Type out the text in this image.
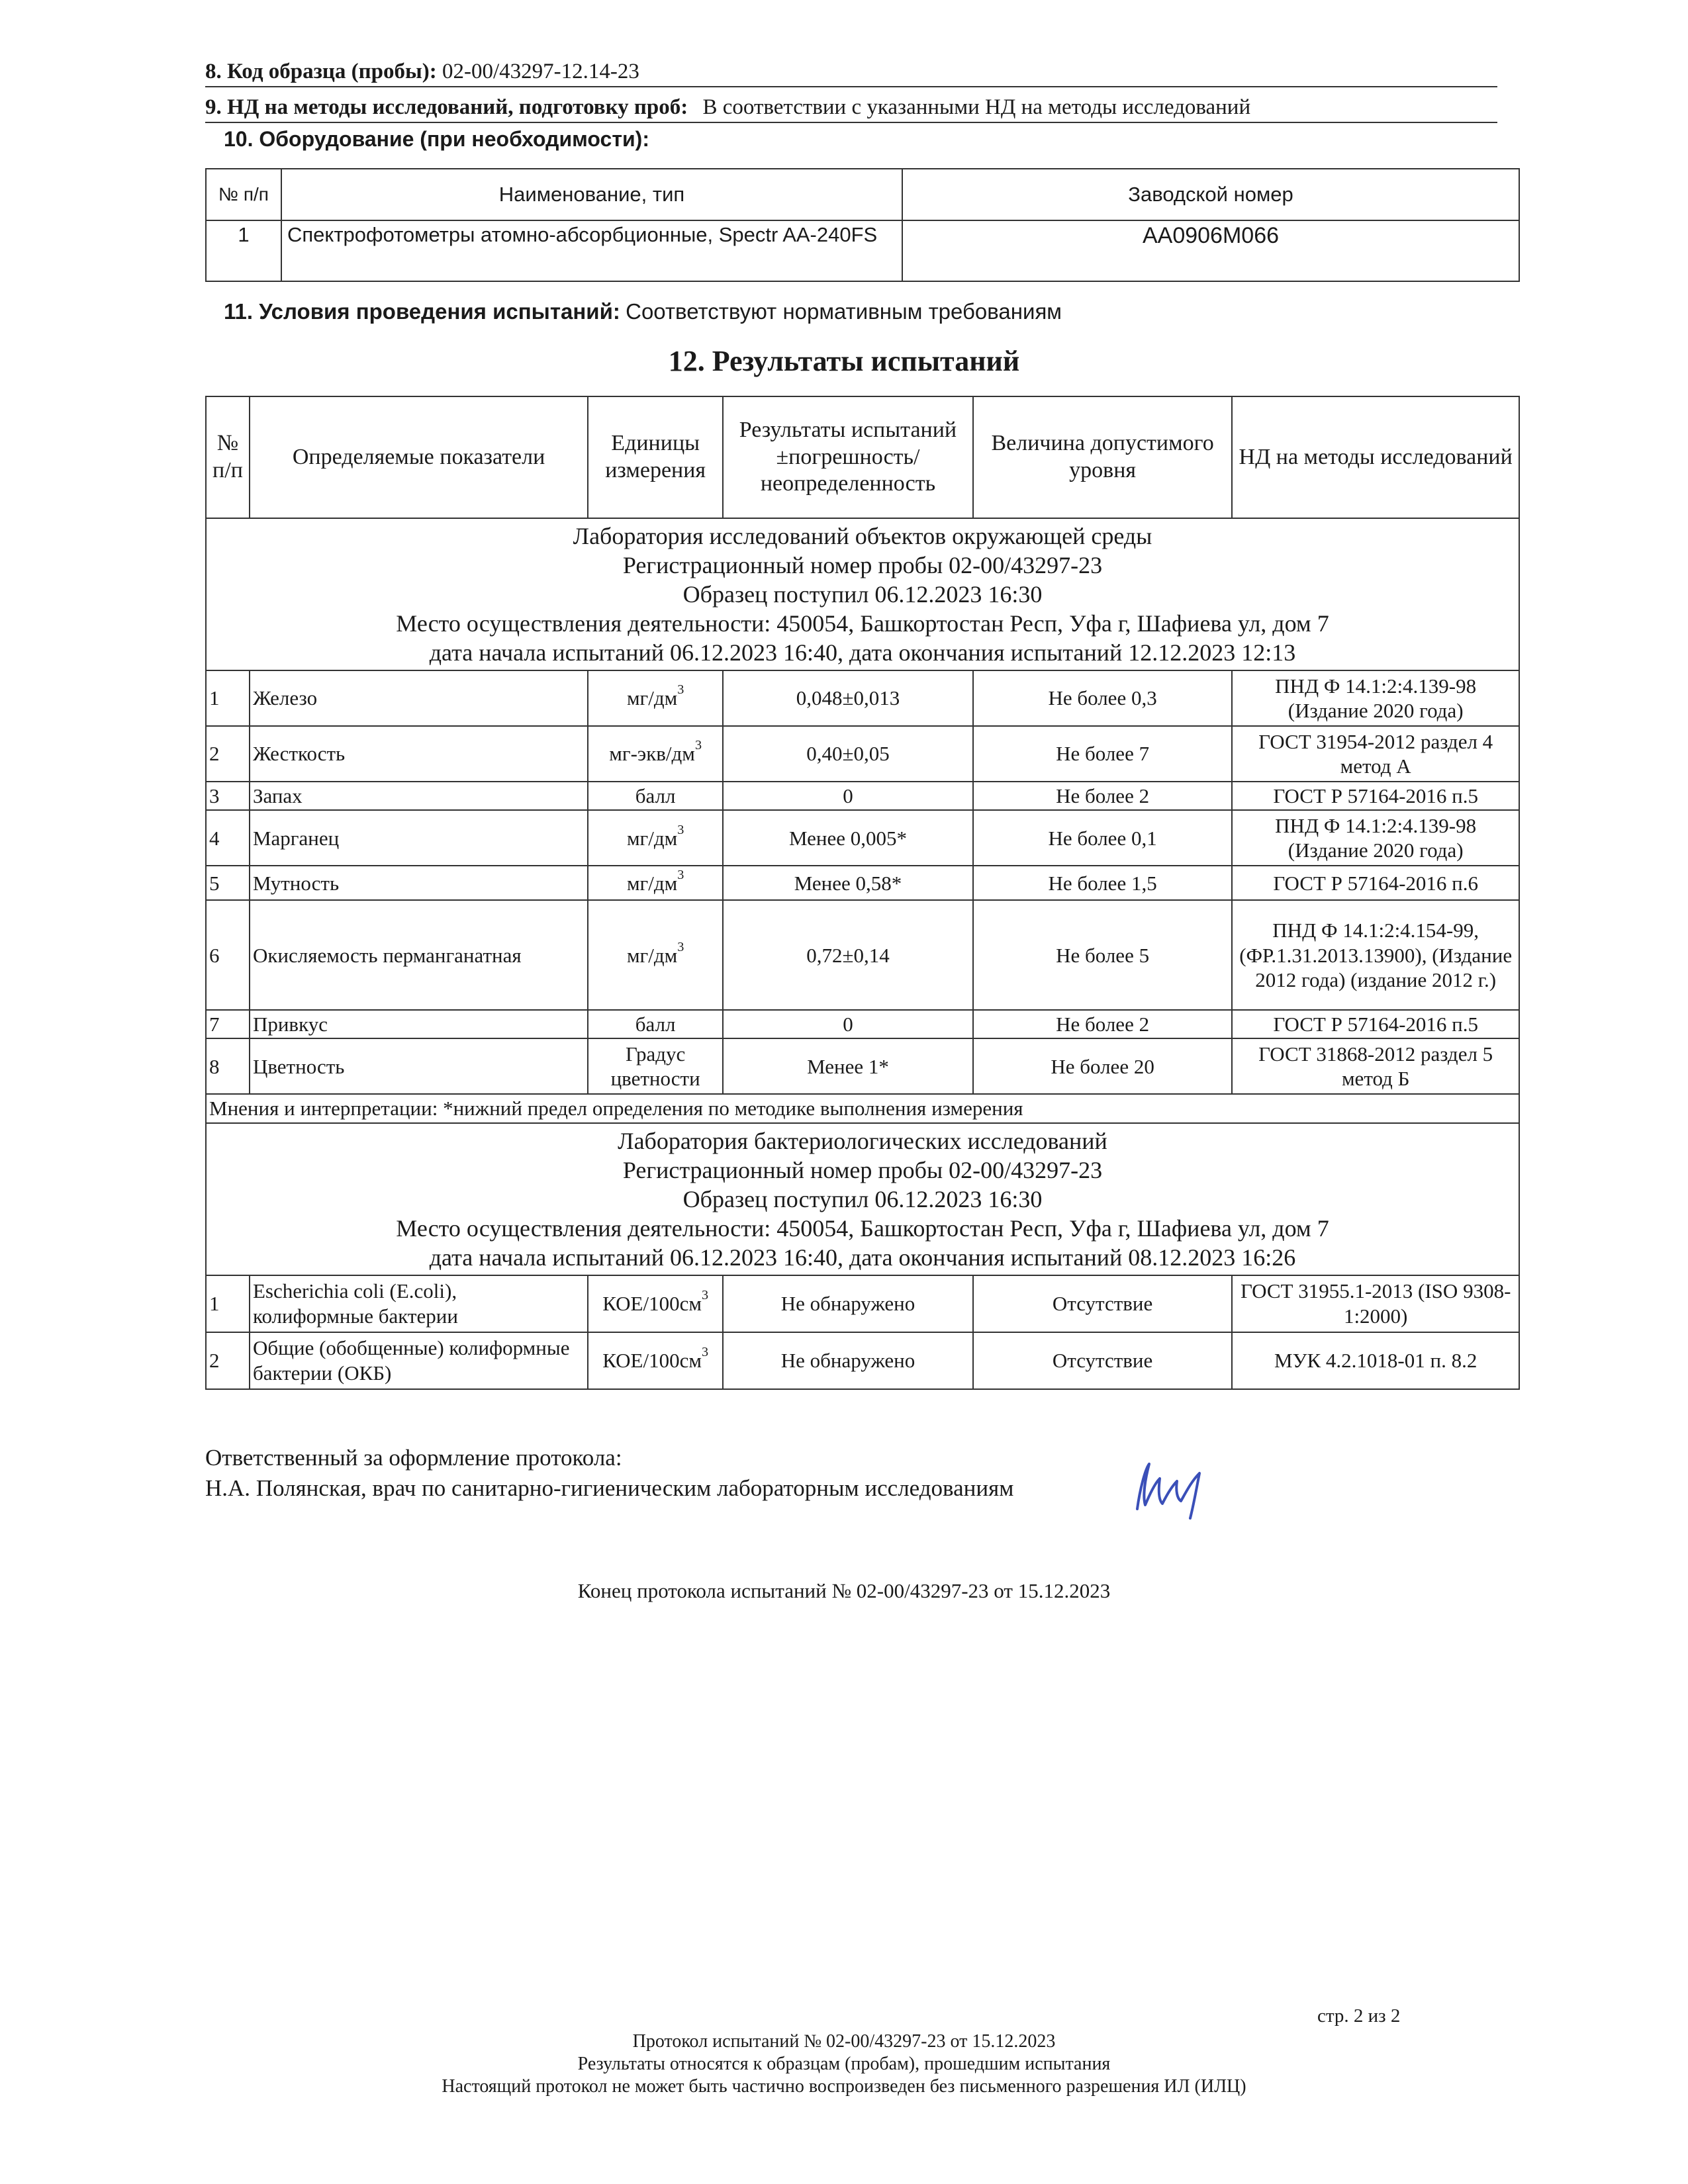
8. Код образца (пробы): 02-00/43297-12.14-23
9. НД на методы исследований, подготовку проб: В соответствии с указанными НД на методы исследований
10. Оборудование (при необходимости):
№ п/п	Наименование, тип	Заводской номер
1	Спектрофотометры атомно-абсорбционные, Spectr AA-240FS	AA0906M066
11. Условия проведения испытаний: Соответствуют нормативным требованиям
12. Результаты испытаний
№ п/п	Определяемые показатели	Единицы измерения	Результаты испытаний ±погрешность/ неопределенность	Величина допустимого уровня	НД на методы исследований

Лаборатория исследований объектов окружающей среды
Регистрационный номер пробы 02-00/43297-23
Образец поступил 06.12.2023 16:30
Место осуществления деятельности: 450054, Башкортостан Респ, Уфа г, Шафиева ул, дом 7
дата начала испытаний 06.12.2023 16:40, дата окончания испытаний 12.12.2023 12:13					

1	Железо	$мг/дм^3$	0,048±0,013	Не более 0,3	ПНД Ф 14.1:2:4.139-98 (Издание 2020 года)
2	Жесткость	$мг-экв/дм^3$	0,40±0,05	Не более 7	ГОСТ 31954-2012 раздел 4 метод А
3	Запах	балл	0	Не более 2	ГОСТ Р 57164-2016 п.5
4	Марганец	$мг/дм^3$	Менее 0,005*	Не более 0,1	ПНД Ф 14.1:2:4.139-98 (Издание 2020 года)
5	Мутность	$мг/дм^3$	Менее 0,58*	Не более 1,5	ГОСТ Р 57164-2016 п.6
6	Окисляемость перманганатная	$мг/дм^3$	0,72±0,14	Не более 5	ПНД Ф 14.1:2:4.154-99, (ФР.1.31.2013.13900), (Издание 2012 года) (издание 2012 г.)
7	Привкус	балл	0	Не более 2	ГОСТ Р 57164-2016 п.5
8	Цветность	Градус цветности	Менее 1*	Не более 20	ГОСТ 31868-2012 раздел 5 метод Б
Мнения и интерпретации: *нижний предел определения по методике выполнения измерения					

Лаборатория бактериологических исследований
Регистрационный номер пробы 02-00/43297-23
Образец поступил 06.12.2023 16:30
Место осуществления деятельности: 450054, Башкортостан Респ, Уфа г, Шафиева ул, дом 7
дата начала испытаний 06.12.2023 16:40, дата окончания испытаний 08.12.2023 16:26					

1	Escherichia coli (E.coli), колиформные бактерии	КОЕ/$100см^3$	Не обнаружено	Отсутствие	ГОСТ 31955.1-2013 (ISO 9308-1:2000)
2	Общие (обобщенные) колиформные бактерии (ОКБ)	КОЕ/$100см^3$	Не обнаружено	Отсутствие	МУК 4.2.1018-01 п. 8.2
Ответственный за оформление протокола:
Н.А. Полянская, врач по санитарно-гигиеническим лабораторным исследованиям
Конец протокола испытаний № 02-00/43297-23 от 15.12.2023
стр. 2 из 2
Протокол испытаний № 02-00/43297-23 от 15.12.2023
Результаты относятся к образцам (пробам), прошедшим испытания
Настоящий протокол не может быть частично воспроизведен без письменного разрешения ИЛ (ИЛЦ)
